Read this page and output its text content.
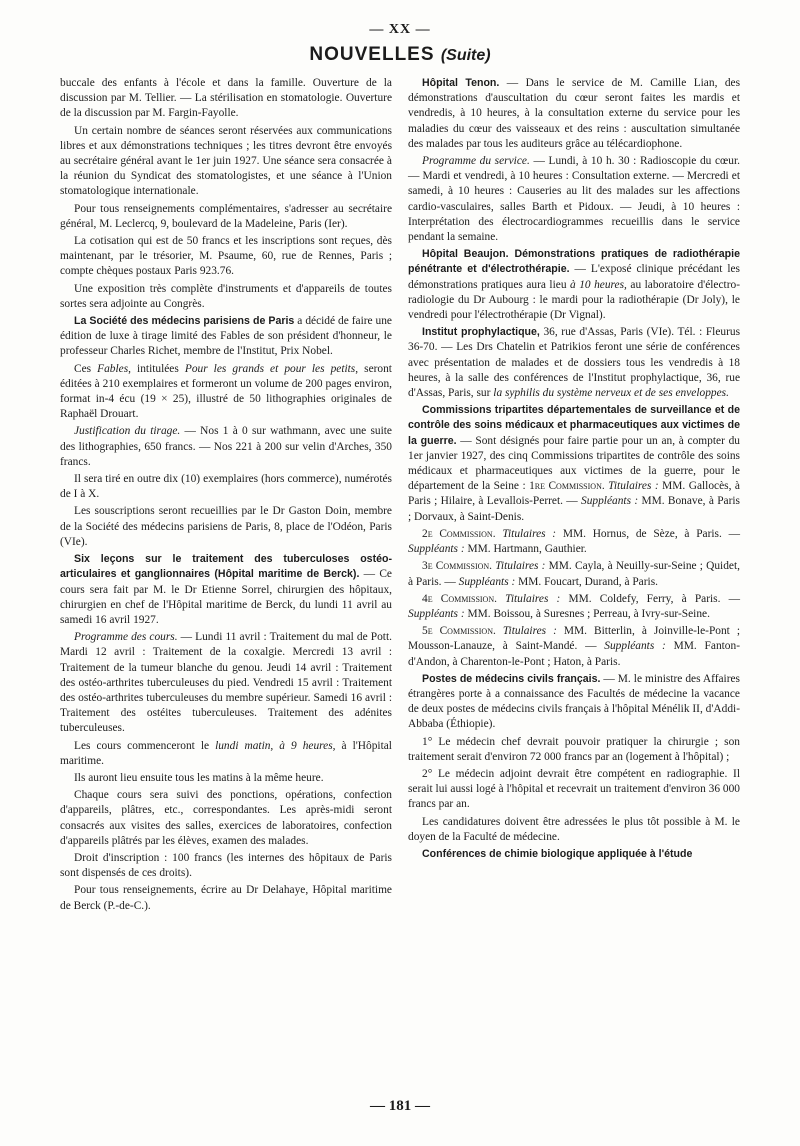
— XX —
NOUVELLES (Suite)

buccale des enfants à l'école et dans la famille. Ouverture de la discussion par M. Tellier. — La stérilisation en stomatologie. Ouverture de la discussion par M. Fargin-Fayolle.

Un certain nombre de séances seront réservées aux communications libres et aux démonstrations techniques ; les titres devront être envoyés au secrétaire général avant le 1er juin 1927. Une séance sera consacrée à la réunion du Syndicat des stomatologistes, et une séance à l'Union stomatologique internationale.

Pour tous renseignements complémentaires, s'adresser au secrétaire général, M. Leclercq, 9, boulevard de la Madeleine, Paris (Ier).

La cotisation qui est de 50 francs et les inscriptions sont reçues, dès maintenant, par le trésorier, M. Psaume, 60, rue de Rennes, Paris ; compte chèques postaux Paris 923.76.

Une exposition très complète d'instruments et d'appareils de toutes sortes sera adjointe au Congrès.

La Société des médecins parisiens de Paris a décidé de faire une édition de luxe à tirage limité des Fables de son président d'honneur, le professeur Charles Richet, membre de l'Institut, Prix Nobel.

Ces Fables, intitulées Pour les grands et pour les petits, seront éditées à 210 exemplaires et formeront un volume de 200 pages environ, format in-4 écu (19 × 25), illustré de 50 lithographies originales de Raphaël Drouart.

Justification du tirage. — Nos 1 à 0 sur wathmann, avec une suite des lithographies, 650 francs. — Nos 221 à 200 sur velin d'Arches, 350 francs.

Il sera tiré en outre dix (10) exemplaires (hors commerce), numérotés de I à X.

Les souscriptions seront recueillies par le Dr Gaston Doin, membre de la Société des médecins parisiens de Paris, 8, place de l'Odéon, Paris (VIe).

Six leçons sur le traitement des tuberculoses ostéo-articulaires et ganglionnaires (Hôpital maritime de Berck). — Ce cours sera fait par M. le Dr Etienne Sorrel, chirurgien des hôpitaux, chirurgien en chef de l'Hôpital maritime de Berck, du lundi 11 avril au samedi 16 avril 1927.

Programme des cours. — Lundi 11 avril : Traitement du mal de Pott. Mardi 12 avril : Traitement de la coxalgie. Mercredi 13 avril : Traitement de la tumeur blanche du genou. Jeudi 14 avril : Traitement des ostéo-arthrites tuberculeuses du pied. Vendredi 15 avril : Traitement des ostéo-arthrites tuberculeuses du membre supérieur. Samedi 16 avril : Traitement des ostéites tuberculeuses. Traitement des adénites tuberculeuses.

Les cours commenceront le lundi matin, à 9 heures, à l'Hôpital maritime.

Ils auront lieu ensuite tous les matins à la même heure.

Chaque cours sera suivi des ponctions, opérations, confection d'appareils, plâtres, etc., correspondantes. Les après-midi seront consacrés aux visites des salles, exercices de laboratoires, confection d'appareils plâtrés par les élèves, examen des malades.

Droit d'inscription : 100 francs (les internes des hôpitaux de Paris sont dispensés de ces droits).

Pour tous renseignements, écrire au Dr Delahaye, Hôpital maritime de Berck (P.-de-C.).

Hôpital Tenon. — Dans le service de M. Camille Lian, des démonstrations d'auscultation du cœur seront faites les mardis et vendredis, à 10 heures, à la consultation externe du service pour les maladies du cœur des vaisseaux et des reins : auscultation simultanée des malades par tous les auditeurs grâce au télécardiophone.

Programme du service. — Lundi, à 10 h. 30 : Radioscopie du cœur. — Mardi et vendredi, à 10 heures : Consultation externe. — Mercredi et samedi, à 10 heures : Causeries au lit des malades sur les affections cardio-vasculaires, salles Barth et Pidoux. — Jeudi, à 10 heures : Interprétation des électrocardiogrammes recueillis dans le service pendant la semaine.

Hôpital Beaujon. Démonstrations pratiques de radiothérapie pénétrante et d'électrothérapie. — L'exposé clinique précédant les démonstrations pratiques aura lieu à 10 heures, au laboratoire d'électro-radiologie du Dr Aubourg : le mardi pour la radiothérapie (Dr Joly), le vendredi pour l'électrothérapie (Dr Vignal).

Institut prophylactique, 36, rue d'Assas, Paris (VIe). Tél. : Fleurus 36-70. — Les Drs Chatelin et Patrikios feront une série de conférences avec présentation de malades et de dossiers tous les vendredis à 18 heures, à la salle des conférences de l'Institut prophylactique, 36, rue d'Assas, Paris, sur la syphilis du système nerveux et de ses enveloppes.

Commissions tripartites départementales de surveillance et de contrôle des soins médicaux et pharmaceutiques aux victimes de la guerre. — Sont désignés pour faire partie pour un an, à compter du 1er janvier 1927, des cinq Commissions tripartites de contrôle des soins médicaux et pharmaceutiques aux victimes de la guerre, pour le département de la Seine : 1re Commission. Titulaires : MM. Gallocès, à Paris ; Hilaire, à Levallois-Perret. — Suppléants : MM. Bonave, à Paris ; Dorvaux, à Saint-Denis.

2e Commission. Titulaires : MM. Hornus, de Sèze, à Paris. — Suppléants : MM. Hartmann, Gauthier.

3e Commission. Titulaires : MM. Cayla, à Neuilly-sur-Seine ; Quidet, à Paris. — Suppléants : MM. Foucart, Durand, à Paris.

4e Commission. Titulaires : MM. Coldefy, Ferry, à Paris. — Suppléants : MM. Boissou, à Suresnes ; Perreau, à Ivry-sur-Seine.

5e Commission. Titulaires : MM. Bitterlin, à Joinville-le-Pont ; Mousson-Lanauze, à Saint-Mandé. — Suppléants : MM. Fanton-d'Andon, à Charenton-le-Pont ; Haton, à Paris.

Postes de médecins civils français. — M. le ministre des Affaires étrangères porte à a connaissance des Facultés de médecine la vacance de deux postes de médecins civils français à l'hôpital Ménélik II, d'Addi-Abbaba (Éthiopie).

1° Le médecin chef devrait pouvoir pratiquer la chirurgie ; son traitement serait d'environ 72 000 francs par an (logement à l'hôpital) ;

2° Le médecin adjoint devrait être compétent en radiographie. Il serait lui aussi logé à l'hôpital et recevrait un traitement d'environ 36 000 francs par an.

Les candidatures doivent être adressées le plus tôt possible à M. le doyen de la Faculté de médecine.

Conférences de chimie biologique appliquée à l'étude

— 181 —
